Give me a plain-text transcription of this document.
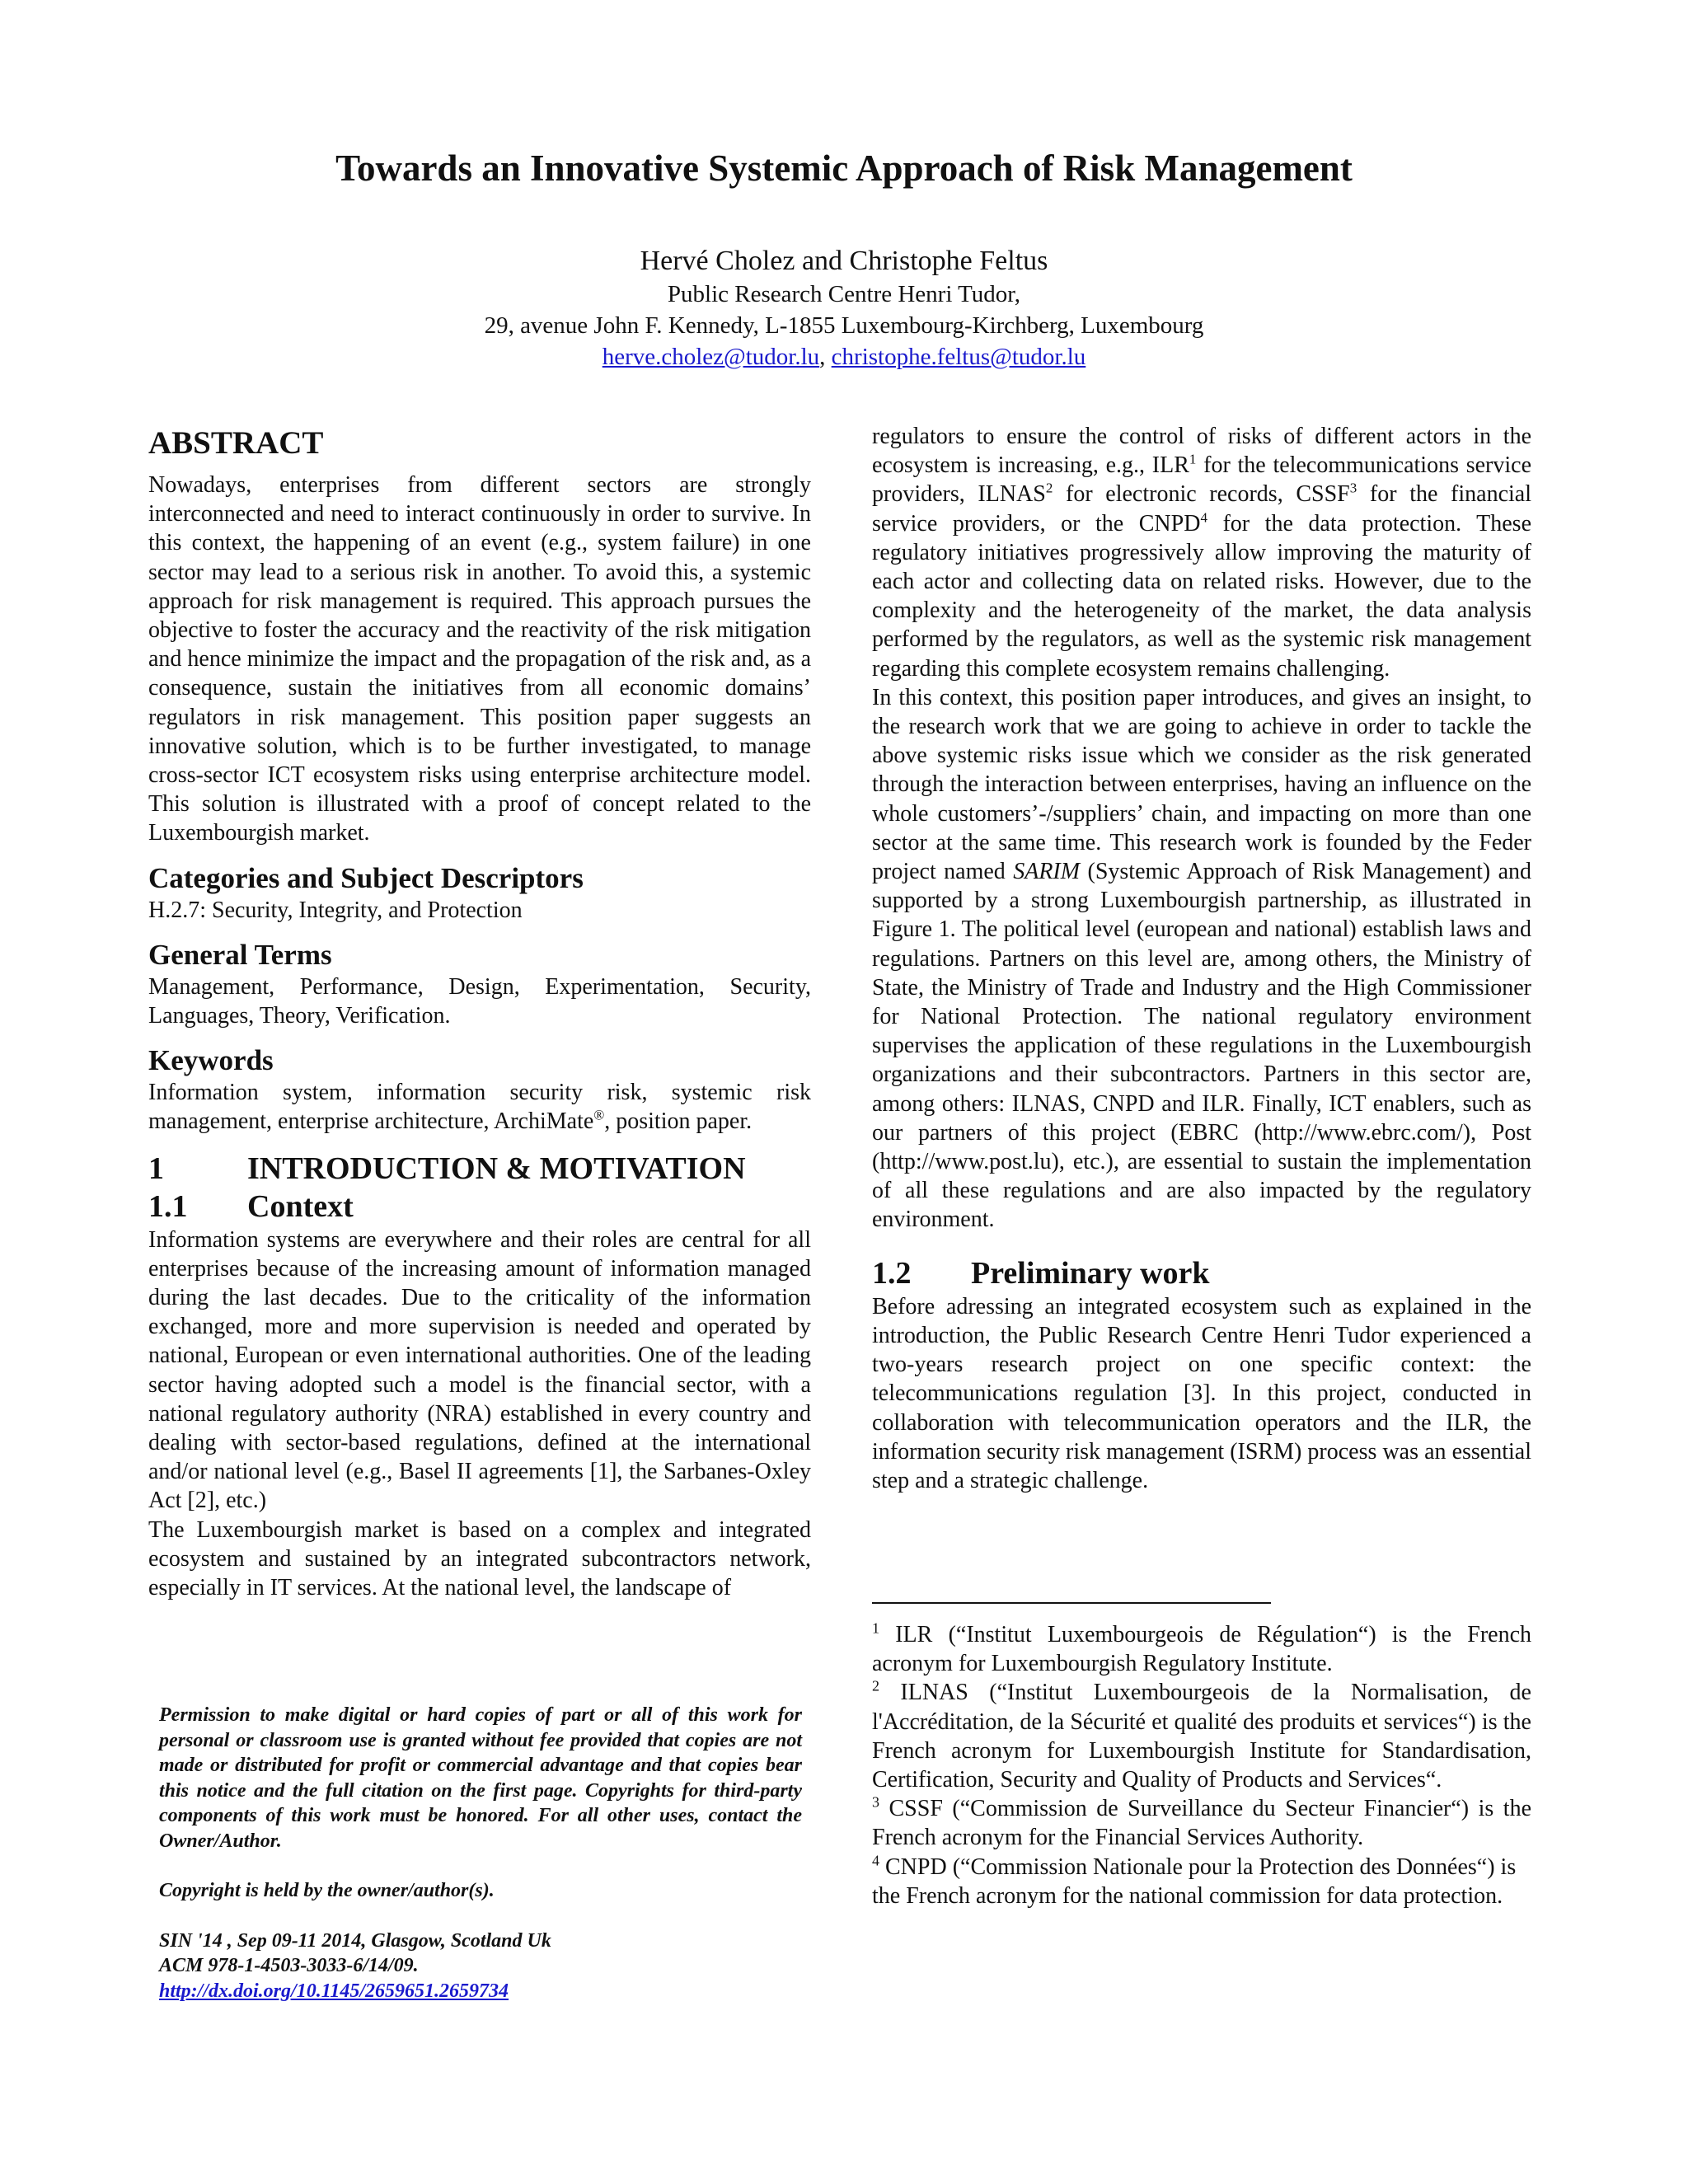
Towards an Innovative Systemic Approach of Risk Management
Hervé Cholez and Christophe Feltus
Public Research Centre Henri Tudor,
29, avenue John F. Kennedy, L-1855 Luxembourg-Kirchberg, Luxembourg
herve.cholez@tudor.lu, christophe.feltus@tudor.lu
ABSTRACT

Nowadays, enterprises from different sectors are strongly interconnected and need to interact continuously in order to survive. In this context, the happening of an event (e.g., system failure) in one sector may lead to a serious risk in another. To avoid this, a systemic approach for risk management is required. This approach pursues the objective to foster the accuracy and the reactivity of the risk mitigation and hence minimize the impact and the propagation of the risk and, as a consequence, sustain the initiatives from all economic domains’ regulators in risk management. This position paper suggests an innovative solution, which is to be further investigated, to manage cross-sector ICT ecosystem risks using enterprise architecture model. This solution is illustrated with a proof of concept related to the Luxembourgish market.

Categories and Subject Descriptors

H.2.7: Security, Integrity, and Protection

General Terms

Management, Performance, Design, Experimentation, Security, Languages, Theory, Verification.

Keywords

Information system, information security risk, systemic risk management, enterprise architecture, ArchiMate®, position paper.

1	INTRODUCTION & MOTIVATION
1.1 Context

Information systems are everywhere and their roles are central for all enterprises because of the increasing amount of information managed during the last decades. Due to the criticality of the information exchanged, more and more supervision is needed and operated by national, European or even international authorities. One of the leading sector having adopted such a model is the financial sector, with a national regulatory authority (NRA) established in every country and dealing with sector-based regulations, defined at the international and/or national level (e.g., Basel II agreements [1], the Sarbanes-Oxley Act [2], etc.)

The Luxembourgish market is based on a complex and integrated ecosystem and sustained by an integrated subcontractors network, especially in IT services. At the national level, the landscape of

Permission to make digital or hard copies of part or all of this work for personal or classroom use is granted without fee provided that copies are not made or distributed for profit or commercial advantage and that copies bear this notice and the full citation on the first page. Copyrights for third-party components of this work must be honored. For all other uses, contact the Owner/Author.

Copyright is held by the owner/author(s).

SIN '14 , Sep 09-11 2014, Glasgow, Scotland Uk

ACM 978-1-4503-3033-6/14/09.

http://dx.doi.org/10.1145/2659651.2659734

regulators to ensure the control of risks of different actors in the ecosystem is increasing, e.g., ILR$^1$ for the telecommunications service providers, ILNAS$^2$ for electronic records, CSSF$^3$ for the financial service providers, or the CNPD$^4$ for the data protection. These regulatory initiatives progressively allow improving the maturity of each actor and collecting data on related risks. However, due to the complexity and the heterogeneity of the market, the data analysis performed by the regulators, as well as the systemic risk management regarding this complete ecosystem remains challenging.

In this context, this position paper introduces, and gives an insight, to the research work that we are going to achieve in order to tackle the above systemic risks issue which we consider as the risk generated through the interaction between enterprises, having an influence on the whole customers’-/suppliers’ chain, and impacting on more than one sector at the same time. This research work is founded by the Feder project named SARIM (Systemic Approach of Risk Management) and supported by a strong Luxembourgish partnership, as illustrated in Figure 1. The political level (european and national) establish laws and regulations. Partners on this level are, among others, the Ministry of State, the Ministry of Trade and Industry and the High Commissioner for National Protection. The national regulatory environment supervises the application of these regulations in the Luxembourgish organizations and their subcontractors. Partners in this sector are, among others: ILNAS, CNPD and ILR. Finally, ICT enablers, such as our partners of this project (EBRC (http://www.ebrc.com/), Post (http://www.post.lu), etc.), are essential to sustain the implementation of all these regulations and are also impacted by the regulatory environment.

1.2 Preliminary work

Before adressing an integrated ecosystem such as explained in the introduction, the Public Research Centre Henri Tudor experienced a two-years research project on one specific context: the telecommunications regulation [3]. In this project, conducted in collaboration with telecommunication operators and the ILR, the information security risk management (ISRM) process was an essential step and a strategic challenge.

$^1$ ILR (“Institut Luxembourgeois de Régulation“) is the French acronym for Luxembourgish Regulatory Institute.

$^2$ ILNAS (“Institut Luxembourgeois de la Normalisation, de l'Accréditation, de la Sécurité et qualité des produits et services“) is the French acronym for Luxembourgish Institute for Standardisation, Certification, Security and Quality of Products and Services“.

$^3$ CSSF (“Commission de Surveillance du Secteur Financier“) is the French acronym for the Financial Services Authority.

$^4$ CNPD (“Commission Nationale pour la Protection des Données“) is the French acronym for the national commission for data protection.
